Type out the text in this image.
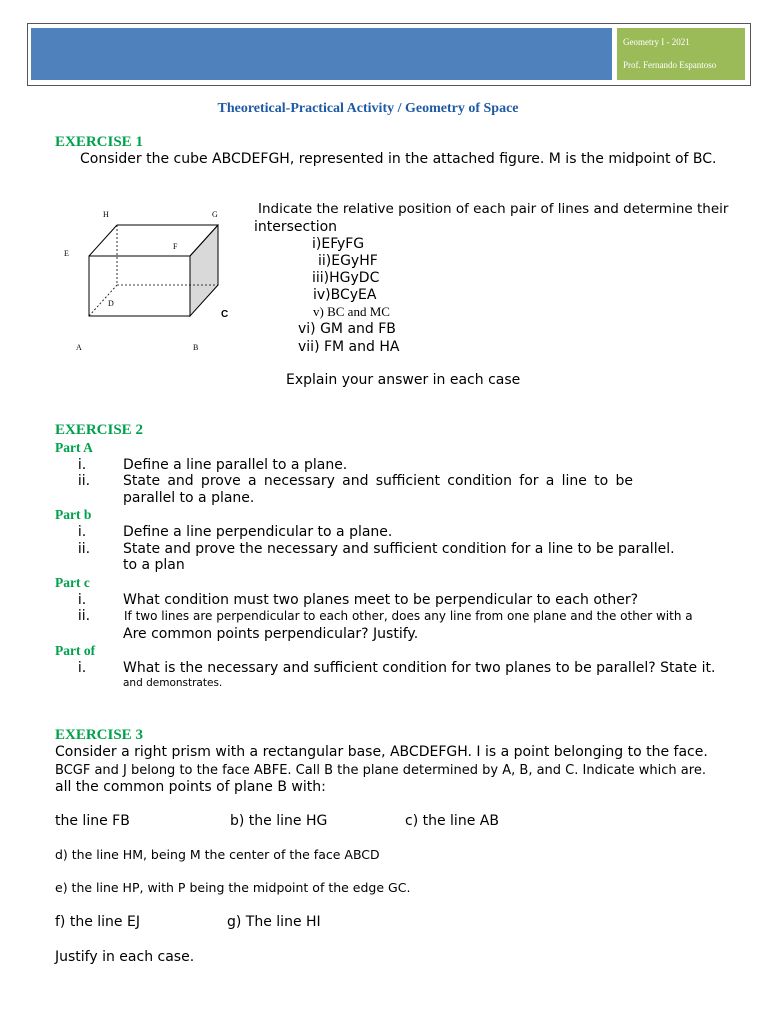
Geometry I - 2021
Prof. Fernando Espantoso
Theoretical-Practical Activity / Geometry of Space
EXERCISE 1
Consider the cube ABCDEFGH, represented in the attached figure. M is the midpoint of BC.
H	G
E
F
D
C
A	B
Indicate the relative position of each pair of lines and determine their
intersection
i)EFyFG
ii)EGyHF
iii)HGyDC
iv)BCyEA
v) BC and MC
vi) GM and FB
vii) FM and HA
Explain your answer in each case
EXERCISE 2
Part A
i.	Define a line parallel to a plane.
ii.	State and prove a necessary and sufficient condition for a line to be
parallel to a plane.
Part b
i.	Define a line perpendicular to a plane.
ii.	State and prove the necessary and sufficient condition for a line to be parallel.
to a plan
Part c
i.	What condition must two planes meet to be perpendicular to each other?
ii.	If two lines are perpendicular to each other, does any line from one plane and the other with a
Are common points perpendicular? Justify.
Part of
i.	What is the necessary and sufficient condition for two planes to be parallel? State it.
and demonstrates.
EXERCISE 3
Consider a right prism with a rectangular base, ABCDEFGH. I is a point belonging to the face.
BCGF and J belong to the face ABFE. Call B the plane determined by A, B, and C. Indicate which are.
all the common points of plane B with:
the line FB	b) the line HG	c) the line AB
d) the line HM, being M the center of the face ABCD
e) the line HP, with P being the midpoint of the edge GC.
f) the line EJ	g) The line HI
Justify in each case.
